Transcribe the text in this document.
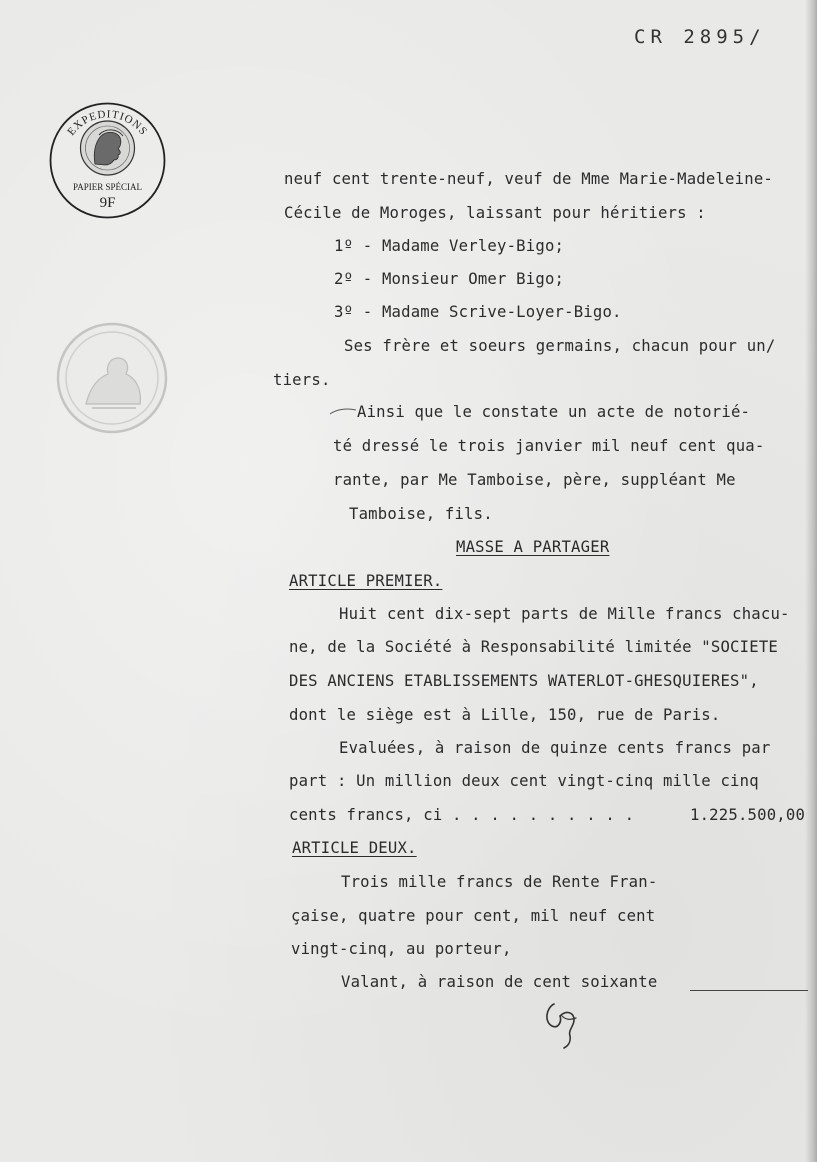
CR 2895/
EXPEDITIONS
PAPIER SPÉCIAL
9F
neuf cent trente-neuf, veuf de Mme Marie-Madeleine-
Cécile de Moroges, laissant pour héritiers :
1º - Madame Verley-Bigo;
2º - Monsieur Omer Bigo;
3º - Madame Scrive-Loyer-Bigo.
Ses frère et soeurs germains, chacun pour un/
tiers.
Ainsi que le constate un acte de notorié-
té dressé le trois janvier mil neuf cent qua-
rante, par Me Tamboise, père, suppléant Me
Tamboise, fils.
MASSE A PARTAGER
ARTICLE PREMIER.
Huit cent dix-sept parts de Mille francs chacu-
ne, de la Société à Responsabilité limitée "SOCIETE
DES ANCIENS ETABLISSEMENTS WATERLOT-GHESQUIERES",
dont le siège est à Lille, 150, rue de Paris.
Evaluées, à raison de quinze cents francs par
part : Un million deux cent vingt-cinq mille cinq
cents francs, ci . . . . . . . . . .	1.225.500,00
ARTICLE DEUX.
Trois mille francs de Rente Fran-
çaise, quatre pour cent, mil neuf cent
vingt-cinq, au porteur,
Valant, à raison de cent soixante
